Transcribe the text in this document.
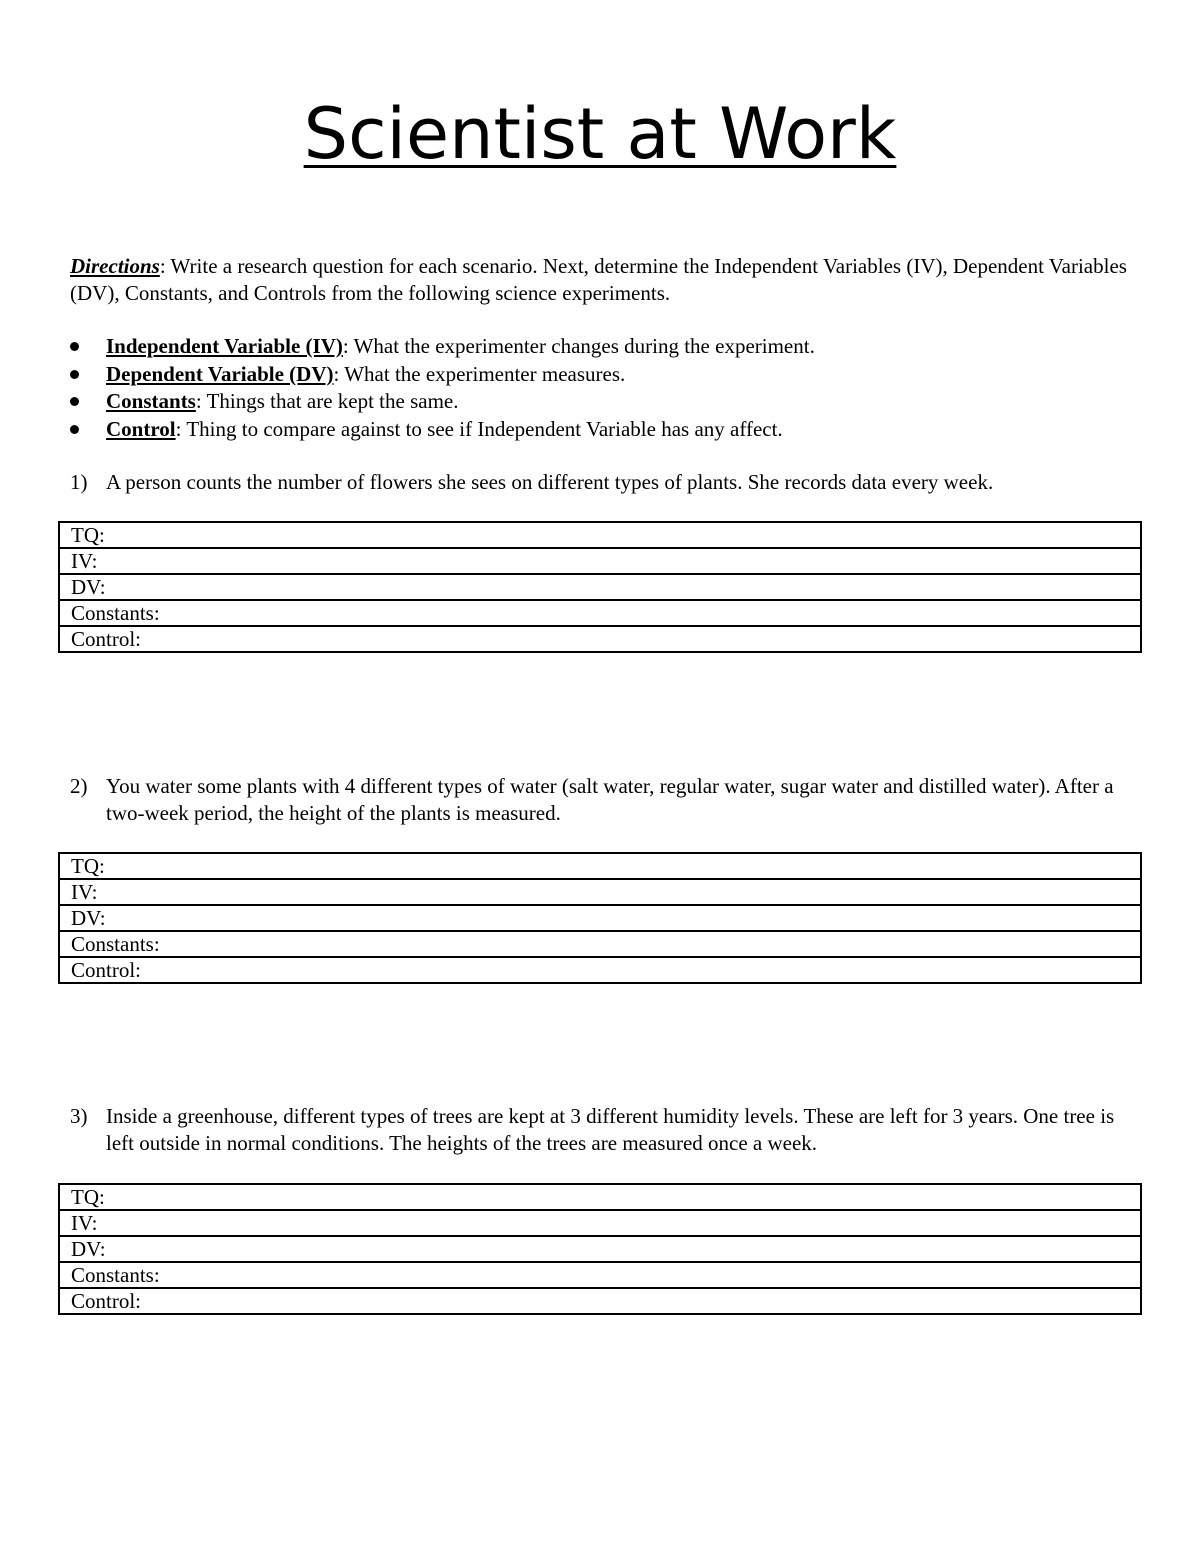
Scientist at Work

Directions: Write a research question for each scenario. Next, determine the Independent Variables (IV), Dependent Variables (DV), Constants, and Controls from the following science experiments.

Independent Variable (IV): What the experimenter changes during the experiment.
Dependent Variable (DV): What the experimenter measures.
Constants: Things that are kept the same.
Control: Thing to compare against to see if Independent Variable has any affect.

1) A person counts the number of flowers she sees on different types of plants. She records data every week.

TQ:
IV:
DV:
Constants:
Control:

2) You water some plants with 4 different types of water (salt water, regular water, sugar water and distilled water). After a two-week period, the height of the plants is measured.

TQ:
IV:
DV:
Constants:
Control:

3) Inside a greenhouse, different types of trees are kept at 3 different humidity levels. These are left for 3 years. One tree is left outside in normal conditions. The heights of the trees are measured once a week.

TQ:
IV:
DV:
Constants:
Control:
